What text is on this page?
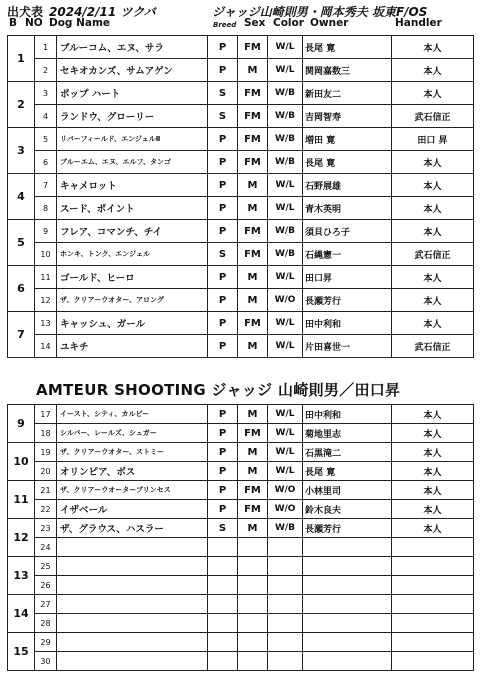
出犬表 2024/2/11 ツクバ	ジャッジ山崎則男・岡本秀夫 坂東F/OS
B NO Dog Name	Breed Sex Color Owner	Handler
1	1	ブルーコム、エヌ、サラ	P	FM	W/L	長尾 寛	本人
	2	セキオカンズ、サムアゲン	P	M	W/L	関岡嘉数三	本人
2	3	ポップ ハート	S	FM	W/B	新田友二	本人
	4	ランドウ、グローリー	S	FM	W/B	吉岡智寿	武石信正
3	5	リバーフィールド、エンジェルⅡ	P	FM	W/B	増田 寛	田口 昇
	6	ブルーエム、エヌ、エルフ、タンゴ	P	FM	W/B	長尾 寛	本人
4	7	キャメロット	P	M	W/L	石野展雄	本人
	8	スード、ポイント	P	M	W/L	青木英明	本人
5	9	フレア、コマンチ、チイ	P	FM	W/B	須貝ひろ子	本人
	10	ホンキ、トンク、エンジェル	S	FM	W/B	石縄憲一	武石信正
6	11	ゴールド、ヒーロ	P	M	W/L	田口昇	本人
	12	ザ、クリアーウオター、アロング	P	M	W/O	長瀬芳行	本人
7	13	キャッシュ、ガール	P	FM	W/L	田中利和	本人
	14	ユキチ	P	M	W/L	片田喜世一	武石信正
AMTEUR SHOOTING ジャッジ 山崎則男／田口昇
9	17	イースト、シティ、カルビー	P	M	W/L	田中利和	本人
	18	シルバー、レールズ、シュガー	P	FM	W/L	菊地里志	本人
10	19	ザ、クリアーウオター、ストミー	P	M	W/L	石黒滝二	本人
	20	オリンピア、ボス	P	M	W/L	長尾 寛	本人
11	21	ザ、クリアーウオータープリンセス	P	FM	W/O	小林里司	本人
	22	イザベール	P	FM	W/O	鈴木良夫	本人
12	23	ザ、グラウス、ハスラー	S	M	W/B	長瀬芳行	本人
	24						
13	25						
	26						
14	27						
	28						
15	29						
	30						
